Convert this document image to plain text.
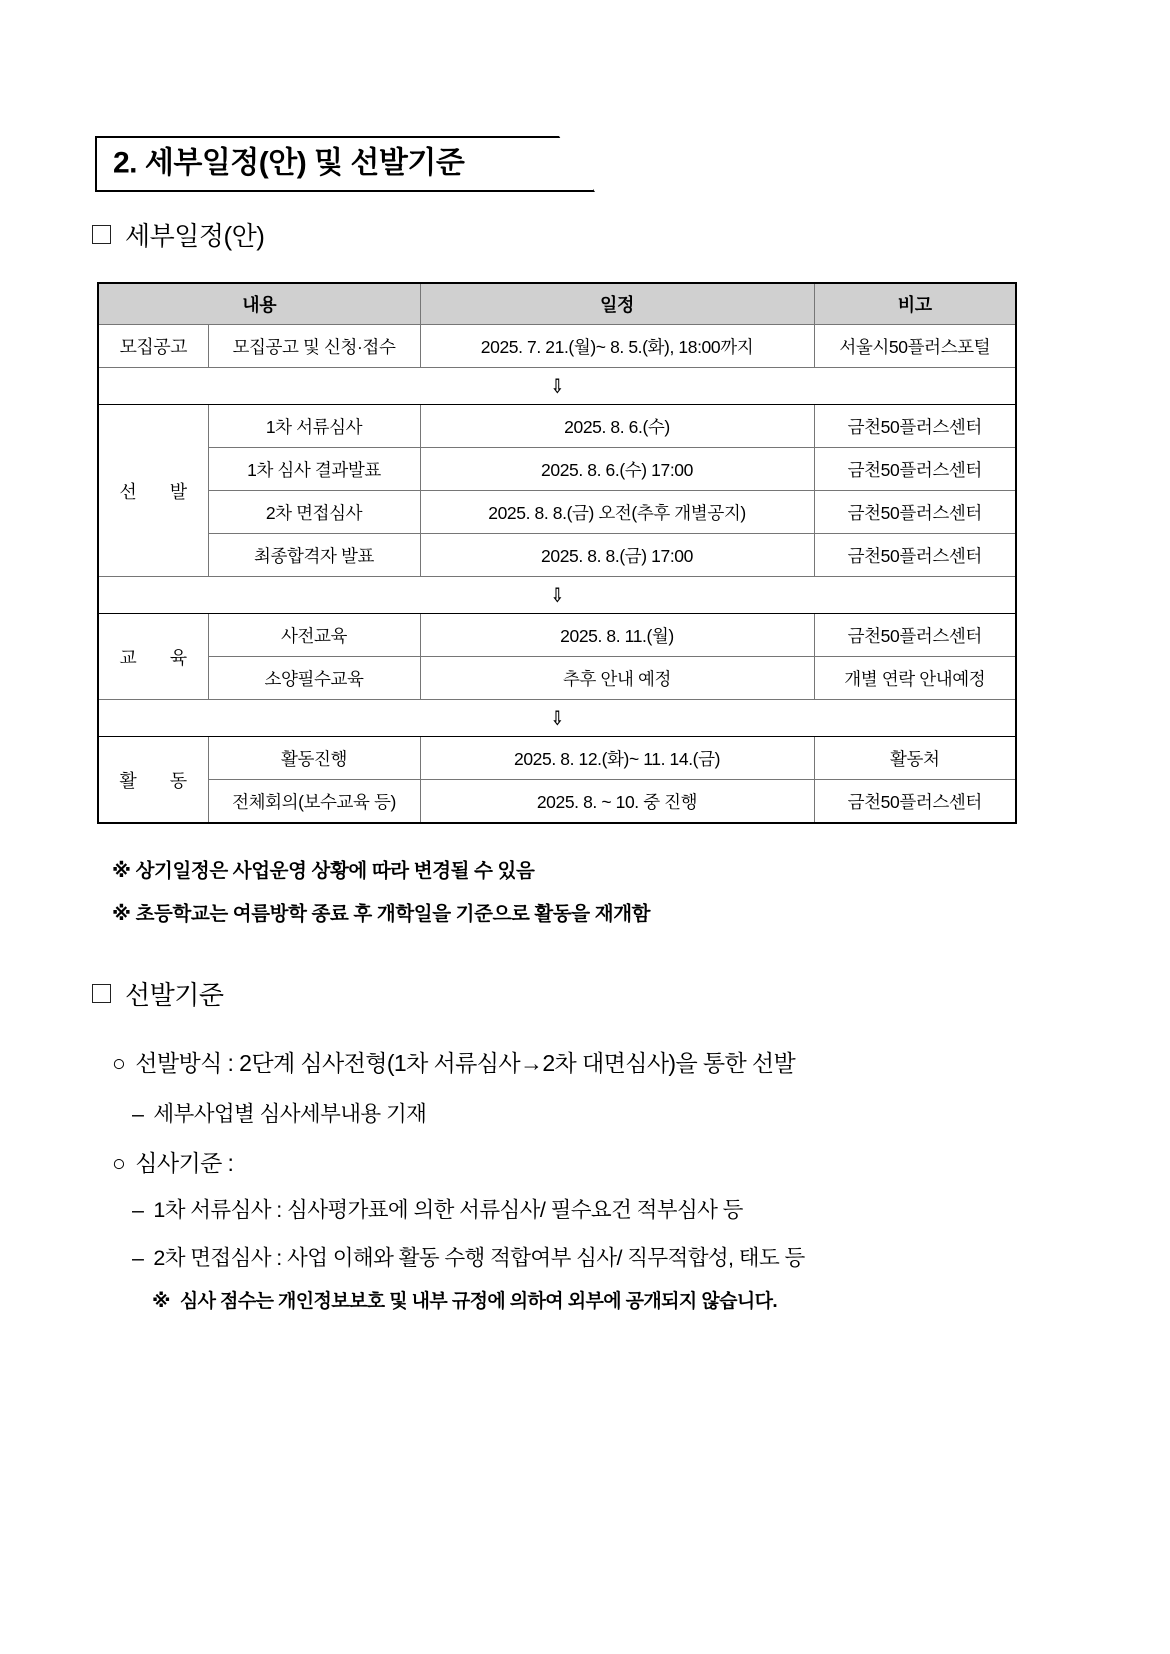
2. 세부일정(안) 및 선발기준
세부일정(안)
내용		일정	비고
모집공고	모집공고 및 신청·접수	2025. 7. 21.(월)~ 8. 5.(화), 18:00까지	서울시50플러스포털
⇩			
선 발	1차 서류심사	2025. 8. 6.(수)	금천50플러스센터
	1차 심사 결과발표	2025. 8. 6.(수) 17:00	금천50플러스센터
	2차 면접심사	2025. 8. 8.(금) 오전(추후 개별공지)	금천50플러스센터
	최종합격자 발표	2025. 8. 8.(금) 17:00	금천50플러스센터
⇩			
교 육	사전교육	2025. 8. 11.(월)	금천50플러스센터
	소양필수교육	추후 안내 예정	개별 연락 안내예정
⇩			
활 동	활동진행	2025. 8. 12.(화)~ 11. 14.(금)	활동처
	전체회의(보수교육 등)	2025. 8. ~ 10. 중 진행	금천50플러스센터
※ 상기일정은 사업운영 상황에 따라 변경될 수 있음
※ 초등학교는 여름방학 종료 후 개학일을 기준으로 활동을 재개함
선발기준
○ 선발방식 : 2단계 심사전형(1차 서류심사→2차 대면심사)을 통한 선발
– 세부사업별 심사세부내용 기재
○ 심사기준 :
– 1차 서류심사 : 심사평가표에 의한 서류심사/ 필수요건 적부심사 등
– 2차 면접심사 : 사업 이해와 활동 수행 적합여부 심사/ 직무적합성, 태도 등
※ 심사 점수는 개인정보보호 및 내부 규정에 의하여 외부에 공개되지 않습니다.
